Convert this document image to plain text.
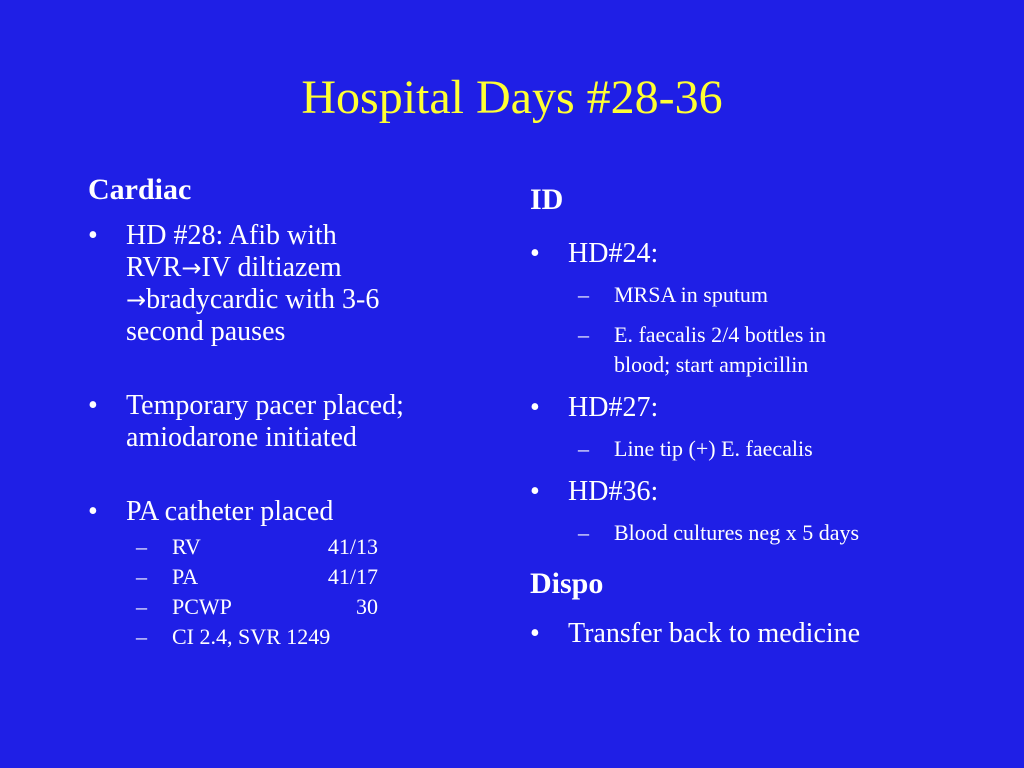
Hospital Days #28-36
Cardiac
• HD #28: Afib with
RVR→IV diltiazem
→bradycardic with 3-6
second pauses
• Temporary pacer placed;
amiodarone initiated
• PA catheter placed
– RV	41/13
– PA	41/17
– PCWP	30
– CI 2.4, SVR 1249
ID
• HD#24:
– MRSA in sputum
– E. faecalis 2/4 bottles in
blood; start ampicillin
• HD#27:
– Line tip (+) E. faecalis
• HD#36:
– Blood cultures neg x 5 days
Dispo
• Transfer back to medicine
